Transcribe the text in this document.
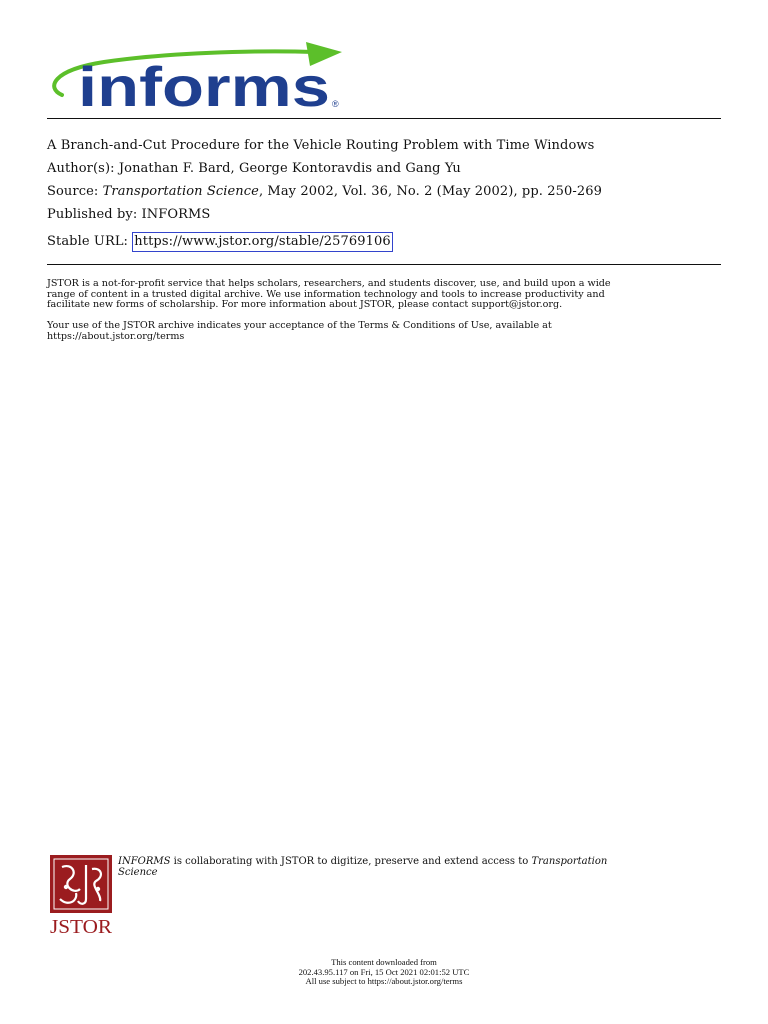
informs ®
A Branch-and-Cut Procedure for the Vehicle Routing Problem with Time Windows
Author(s): Jonathan F. Bard, George Kontoravdis and Gang Yu
Source: Transportation Science, May 2002, Vol. 36, No. 2 (May 2002), pp. 250-269
Published by: INFORMS
Stable URL: https://www.jstor.org/stable/25769106
JSTOR is a not-for-profit service that helps scholars, researchers, and students discover, use, and build upon a wide
range of content in a trusted digital archive. We use information technology and tools to increase productivity and
facilitate new forms of scholarship. For more information about JSTOR, please contact support@jstor.org.
Your use of the JSTOR archive indicates your acceptance of the Terms & Conditions of Use, available at
https://about.jstor.org/terms
JSTOR
INFORMS is collaborating with JSTOR to digitize, preserve and extend access to Transportation
Science
This content downloaded from
202.43.95.117 on Fri, 15 Oct 2021 02:01:52 UTC
All use subject to https://about.jstor.org/terms
